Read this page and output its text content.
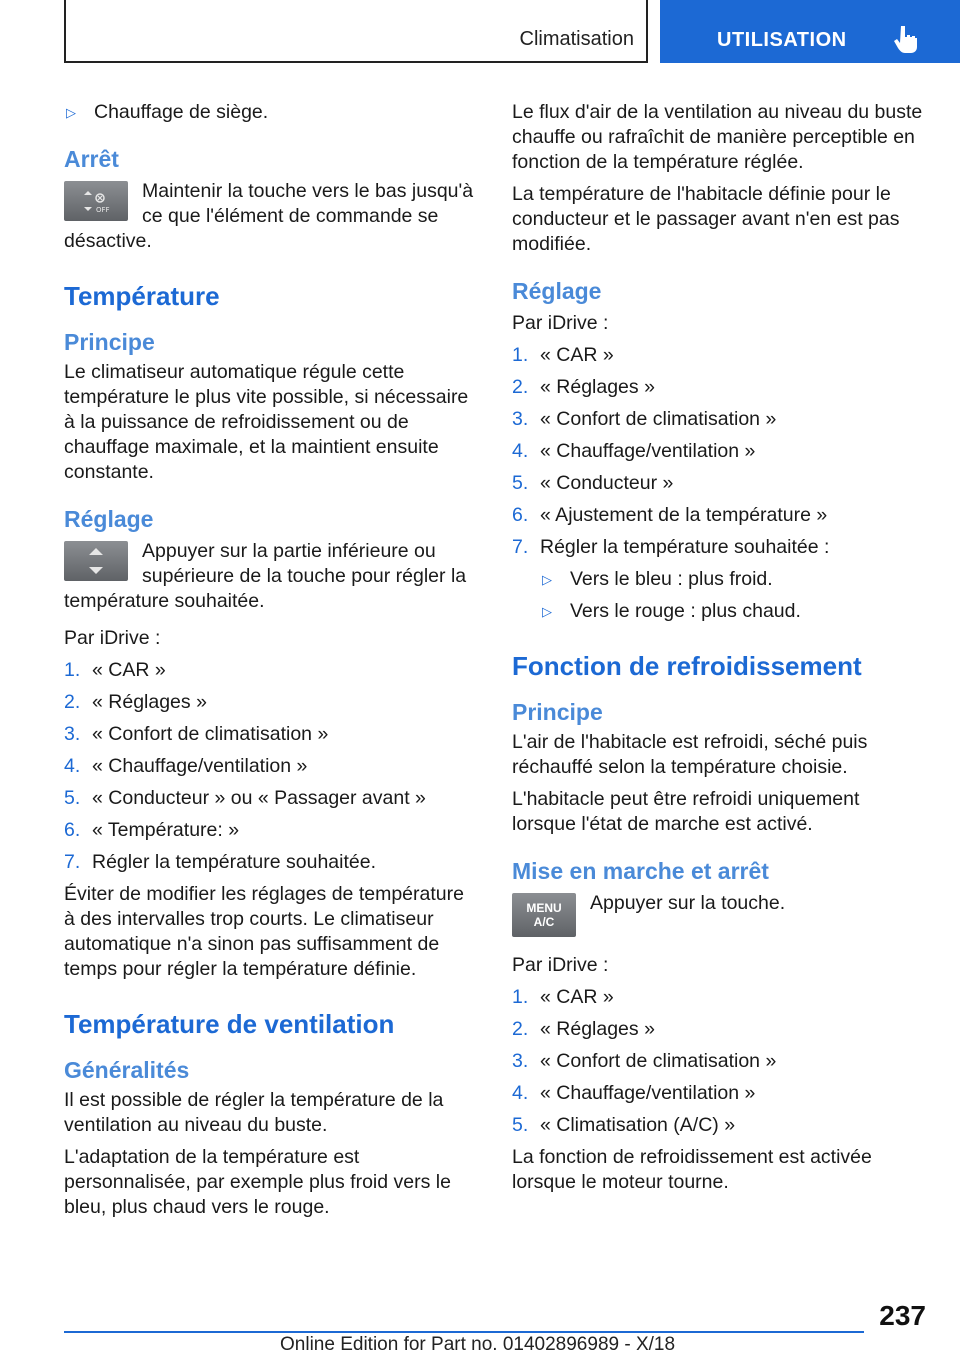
Climatisation	UTILISATION
▷ Chauffage de siège.
Arrêt
OFF
Maintenir la touche vers le bas jusqu'à ce que l'élément de commande se désactive.
Température
Principe

Le climatiseur automatique régule cette température le plus vite possible, si nécessaire à la puissance de refroidissement ou de chauffage maximale, et la maintient ensuite constante.

Réglage
Appuyer sur la partie inférieure ou supérieure de la touche pour régler la température souhaitée.

Par iDrive :

1. « CAR »
2. « Réglages »
3. « Confort de climatisation »
4. « Chauffage/ventilation »
5. « Conducteur » ou « Passager avant »
6. « Température: »
7. Régler la température souhaitée.

Éviter de modifier les réglages de température à des intervalles trop courts. Le climatiseur automatique n'a sinon pas suffisamment de temps pour régler la température définie.

Température de ventilation
Généralités

Il est possible de régler la température de la ventilation au niveau du buste.

L'adaptation de la température est personnalisée, par exemple plus froid vers le bleu, plus chaud vers le rouge.

Le flux d'air de la ventilation au niveau du buste chauffe ou rafraîchit de manière perceptible en fonction de la température réglée.

La température de l'habitacle définie pour le conducteur et le passager avant n'en est pas modifiée.

Réglage

Par iDrive :

1. « CAR »
2. « Réglages »
3. « Confort de climatisation »
4. « Chauffage/ventilation »
5. « Conducteur »
6. « Ajustement de la température »
7. Régler la température souhaitée :
▷ Vers le bleu : plus froid.
▷ Vers le rouge : plus chaud.
Fonction de refroidissement
Principe

L'air de l'habitacle est refroidi, séché puis réchauffé selon la température choisie.

L'habitacle peut être refroidi uniquement lorsque l'état de marche est activé.

Mise en marche et arrêt
MENU
A/C
Appuyer sur la touche.

Par iDrive :

1. « CAR »
2. « Réglages »
3. « Confort de climatisation »
4. « Chauffage/ventilation »
5. « Climatisation (A/C) »

La fonction de refroidissement est activée lorsque le moteur tourne.

237
Online Edition for Part no. 01402896989 - X/18
